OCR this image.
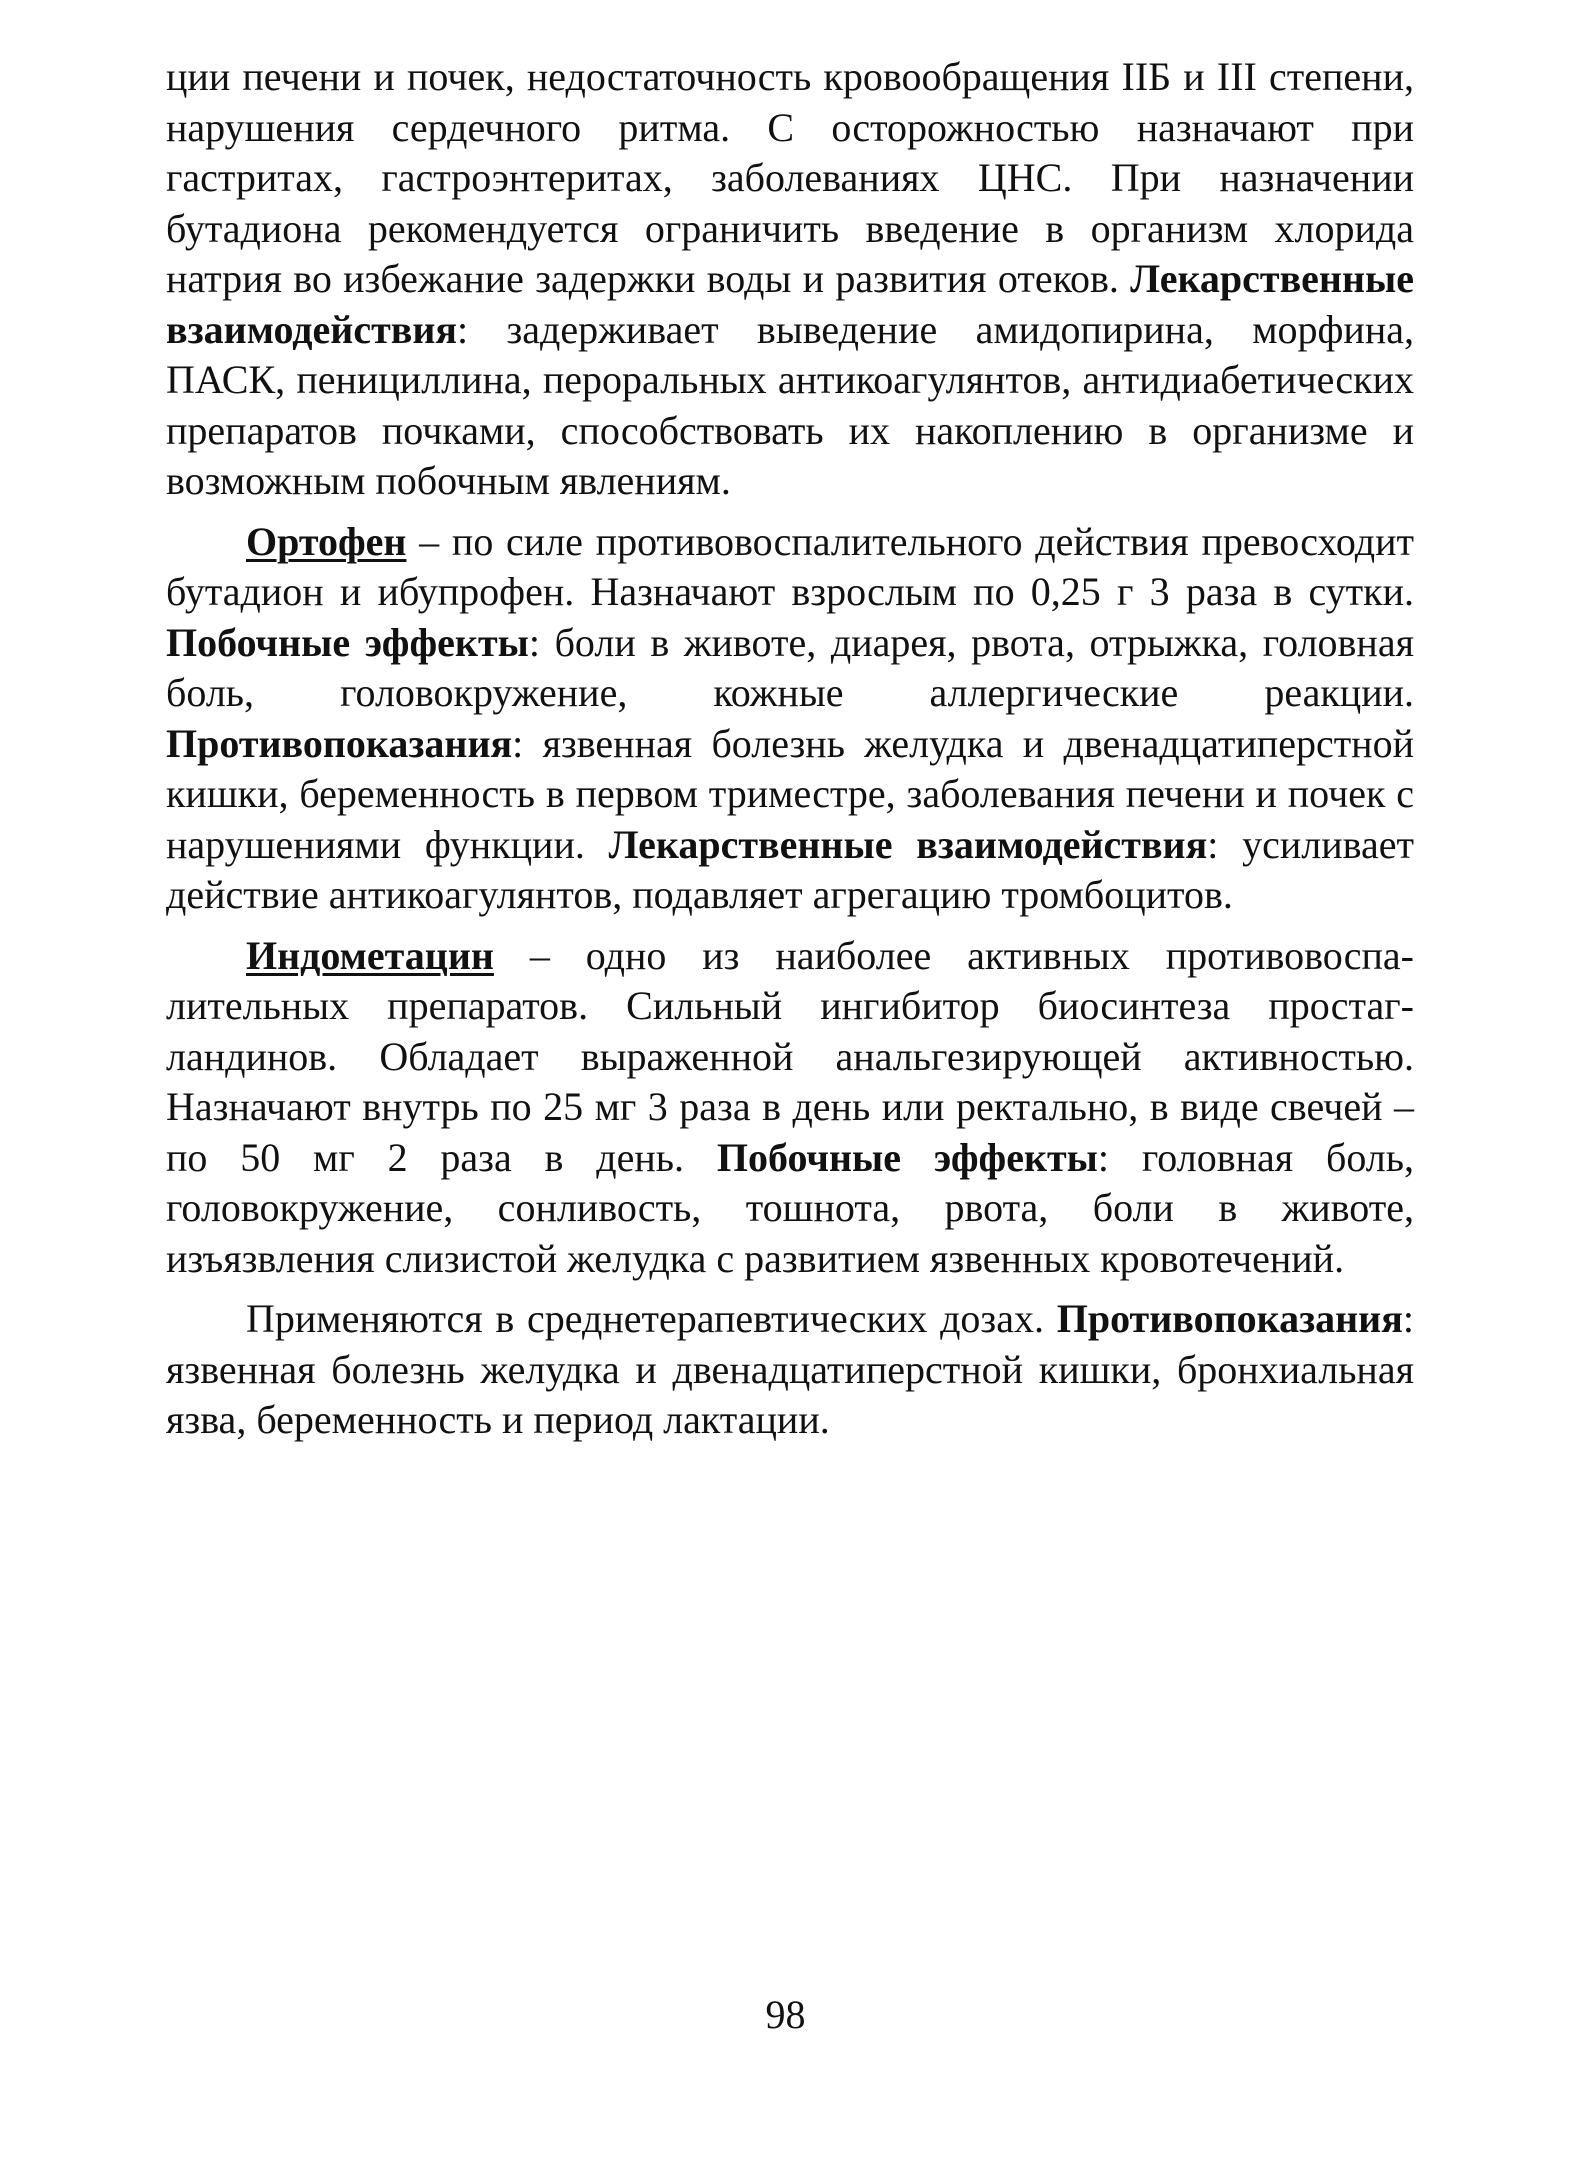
ции печени и почек, недостаточность кровообращения IIБ и III степени, нарушения сердечного ритма. С осторожностью назначают при гастритах, гастроэнтеритах, заболеваниях ЦНС. При назначении бутадиона рекомендуется ограничить введение в организм хлорида натрия во избежание задержки воды и развития отеков. Лекарственные взаимодействия: задерживает выведение амидопирина, морфина, ПАСК, пенициллина, пероральных антикоагулянтов, антидиабетических препаратов почками, способствовать их накоплению в организме и возможным побочным явлениям.

Ортофен – по силе противовоспалительного действия превосходит бутадион и ибупрофен. Назначают взрослым по 0,25 г 3 раза в сутки. Побочные эффекты: боли в животе, диарея, рвота, отрыжка, головная боль, головокружение, кожные аллергические реакции. Противопоказания: язвенная болезнь желудка и двенадцатиперстной кишки, беременность в первом триместре, заболевания печени и почек с нарушениями функции. Лекарственные взаимодействия: усиливает действие антикоагулянтов, подавляет агрегацию тромбоцитов.

Индометацин – одно из наиболее активных противовоспалительных препаратов. Сильный ингибитор биосинтеза простагландинов. Обладает выраженной анальгезирующей активностью. Назначают внутрь по 25 мг 3 раза в день или ректально, в виде свечей – по 50 мг 2 раза в день. Побочные эффекты: головная боль, головокружение, сонливость, тошнота, рвота, боли в животе, изъязвления слизистой желудка с развитием язвенных кровотечений.

Применяются в среднетерапевтических дозах. Противопоказания: язвенная болезнь желудка и двенадцатиперстной кишки, бронхиальная язва, беременность и период лактации.

98
